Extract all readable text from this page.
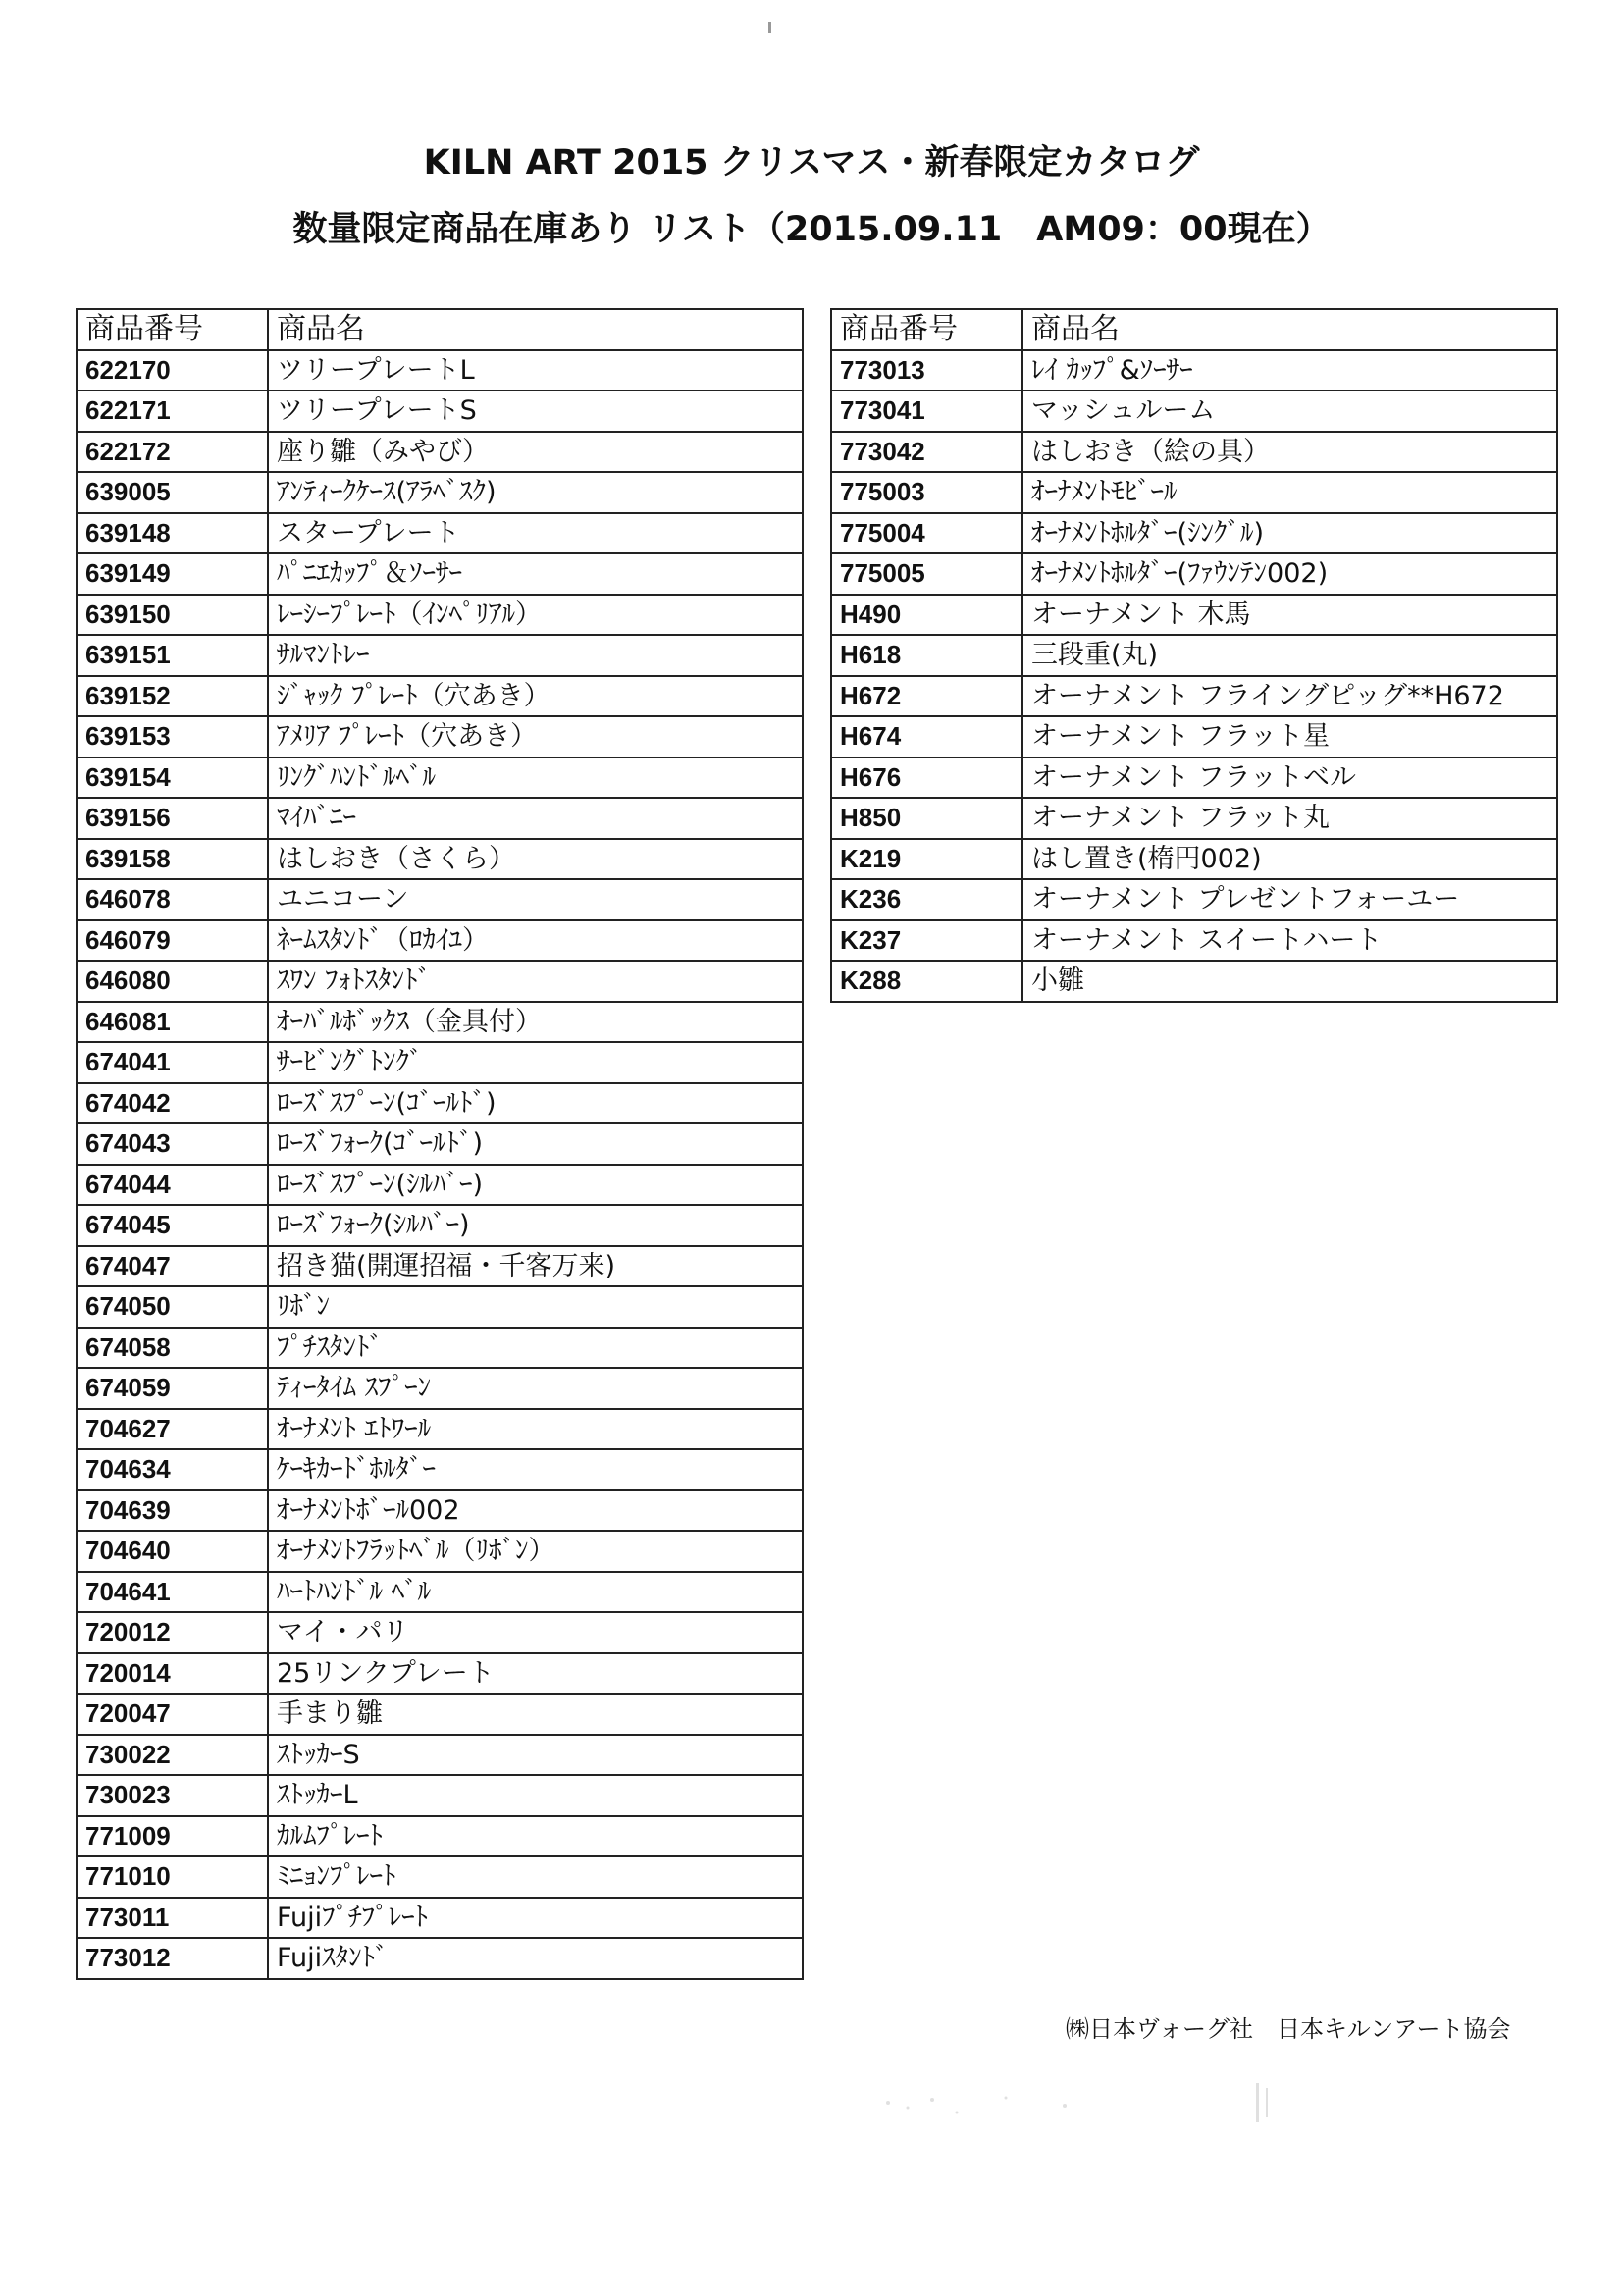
KILN ART 2015 クリスマス・新春限定カタログ
数量限定商品在庫あり リスト（2015.09.11　AM09：00現在）
商品番号	商品名
622170	ツリープレートL
622171	ツリープレートS
622172	座り雛（みやび）
639005	ｱﾝﾃｨｰｸｹｰｽ(ｱﾗﾍﾞｽｸ)
639148	スタープレート
639149	ﾊﾟﾆｴｶｯﾌﾟ＆ｿｰｻｰ
639150	ﾚｰｼｰﾌﾟﾚｰﾄ（ｲﾝﾍﾟﾘｱﾙ）
639151	ｻﾙﾏﾝﾄﾚｰ
639152	ｼﾞｬｯｸ ﾌﾟﾚｰﾄ（穴あき）
639153	ｱﾒﾘｱ ﾌﾟﾚｰﾄ（穴あき）
639154	ﾘﾝｸﾞﾊﾝﾄﾞﾙﾍﾞﾙ
639156	ﾏｲﾊﾞﾆｰ
639158	はしおき（さくら）
646078	ユニコーン
646079	ﾈｰﾑｽﾀﾝﾄﾞ（ﾛｶｲﾕ）
646080	ｽﾜﾝ ﾌｫﾄｽﾀﾝﾄﾞ
646081	ｵｰﾊﾞﾙﾎﾞｯｸｽ（金具付）
674041	ｻｰﾋﾞﾝｸﾞﾄﾝｸﾞ
674042	ﾛｰｽﾞｽﾌﾟｰﾝ(ｺﾞｰﾙﾄﾞ)
674043	ﾛｰｽﾞﾌｫｰｸ(ｺﾞｰﾙﾄﾞ)
674044	ﾛｰｽﾞｽﾌﾟｰﾝ(ｼﾙﾊﾞｰ)
674045	ﾛｰｽﾞﾌｫｰｸ(ｼﾙﾊﾞｰ)
674047	招き猫(開運招福・千客万来)
674050	ﾘﾎﾞﾝ
674058	ﾌﾟﾁｽﾀﾝﾄﾞ
674059	ﾃｨｰﾀｲﾑ ｽﾌﾟｰﾝ
704627	ｵｰﾅﾒﾝﾄ ｴﾄﾜｰﾙ
704634	ｹｰｷｶｰﾄﾞﾎﾙﾀﾞｰ
704639	ｵｰﾅﾒﾝﾄﾎﾞｰﾙ002
704640	ｵｰﾅﾒﾝﾄﾌﾗｯﾄﾍﾞﾙ（ﾘﾎﾞﾝ）
704641	ﾊｰﾄﾊﾝﾄﾞﾙ ﾍﾞﾙ
720012	マイ・パリ
720014	25リンクプレート
720047	手まり雛
730022	ｽﾄｯｶｰS
730023	ｽﾄｯｶｰL
771009	ｶﾙﾑﾌﾟﾚｰﾄ
771010	ﾐﾆｮﾝﾌﾟﾚｰﾄ
773011	Fujiﾌﾟﾁﾌﾟﾚｰﾄ
773012	Fujiｽﾀﾝﾄﾞ
商品番号	商品名
773013	ﾚｲ ｶｯﾌﾟ&ｿｰｻｰ
773041	マッシュルーム
773042	はしおき（絵の具）
775003	ｵｰﾅﾒﾝﾄﾓﾋﾞｰﾙ
775004	ｵｰﾅﾒﾝﾄﾎﾙﾀﾞｰ(ｼﾝｸﾞﾙ)
775005	ｵｰﾅﾒﾝﾄﾎﾙﾀﾞｰ(ﾌｧｳﾝﾃﾝ002)
H490	オーナメント 木馬
H618	三段重(丸)
H672	オーナメント フライングピッグ**H672
H674	オーナメント フラット星
H676	オーナメント フラットベル
H850	オーナメント フラット丸
K219	はし置き(楕円002)
K236	オーナメント プレゼントフォーユー
K237	オーナメント スイートハート
K288	小雛
㈱日本ヴォーグ社　日本キルンアート協会
